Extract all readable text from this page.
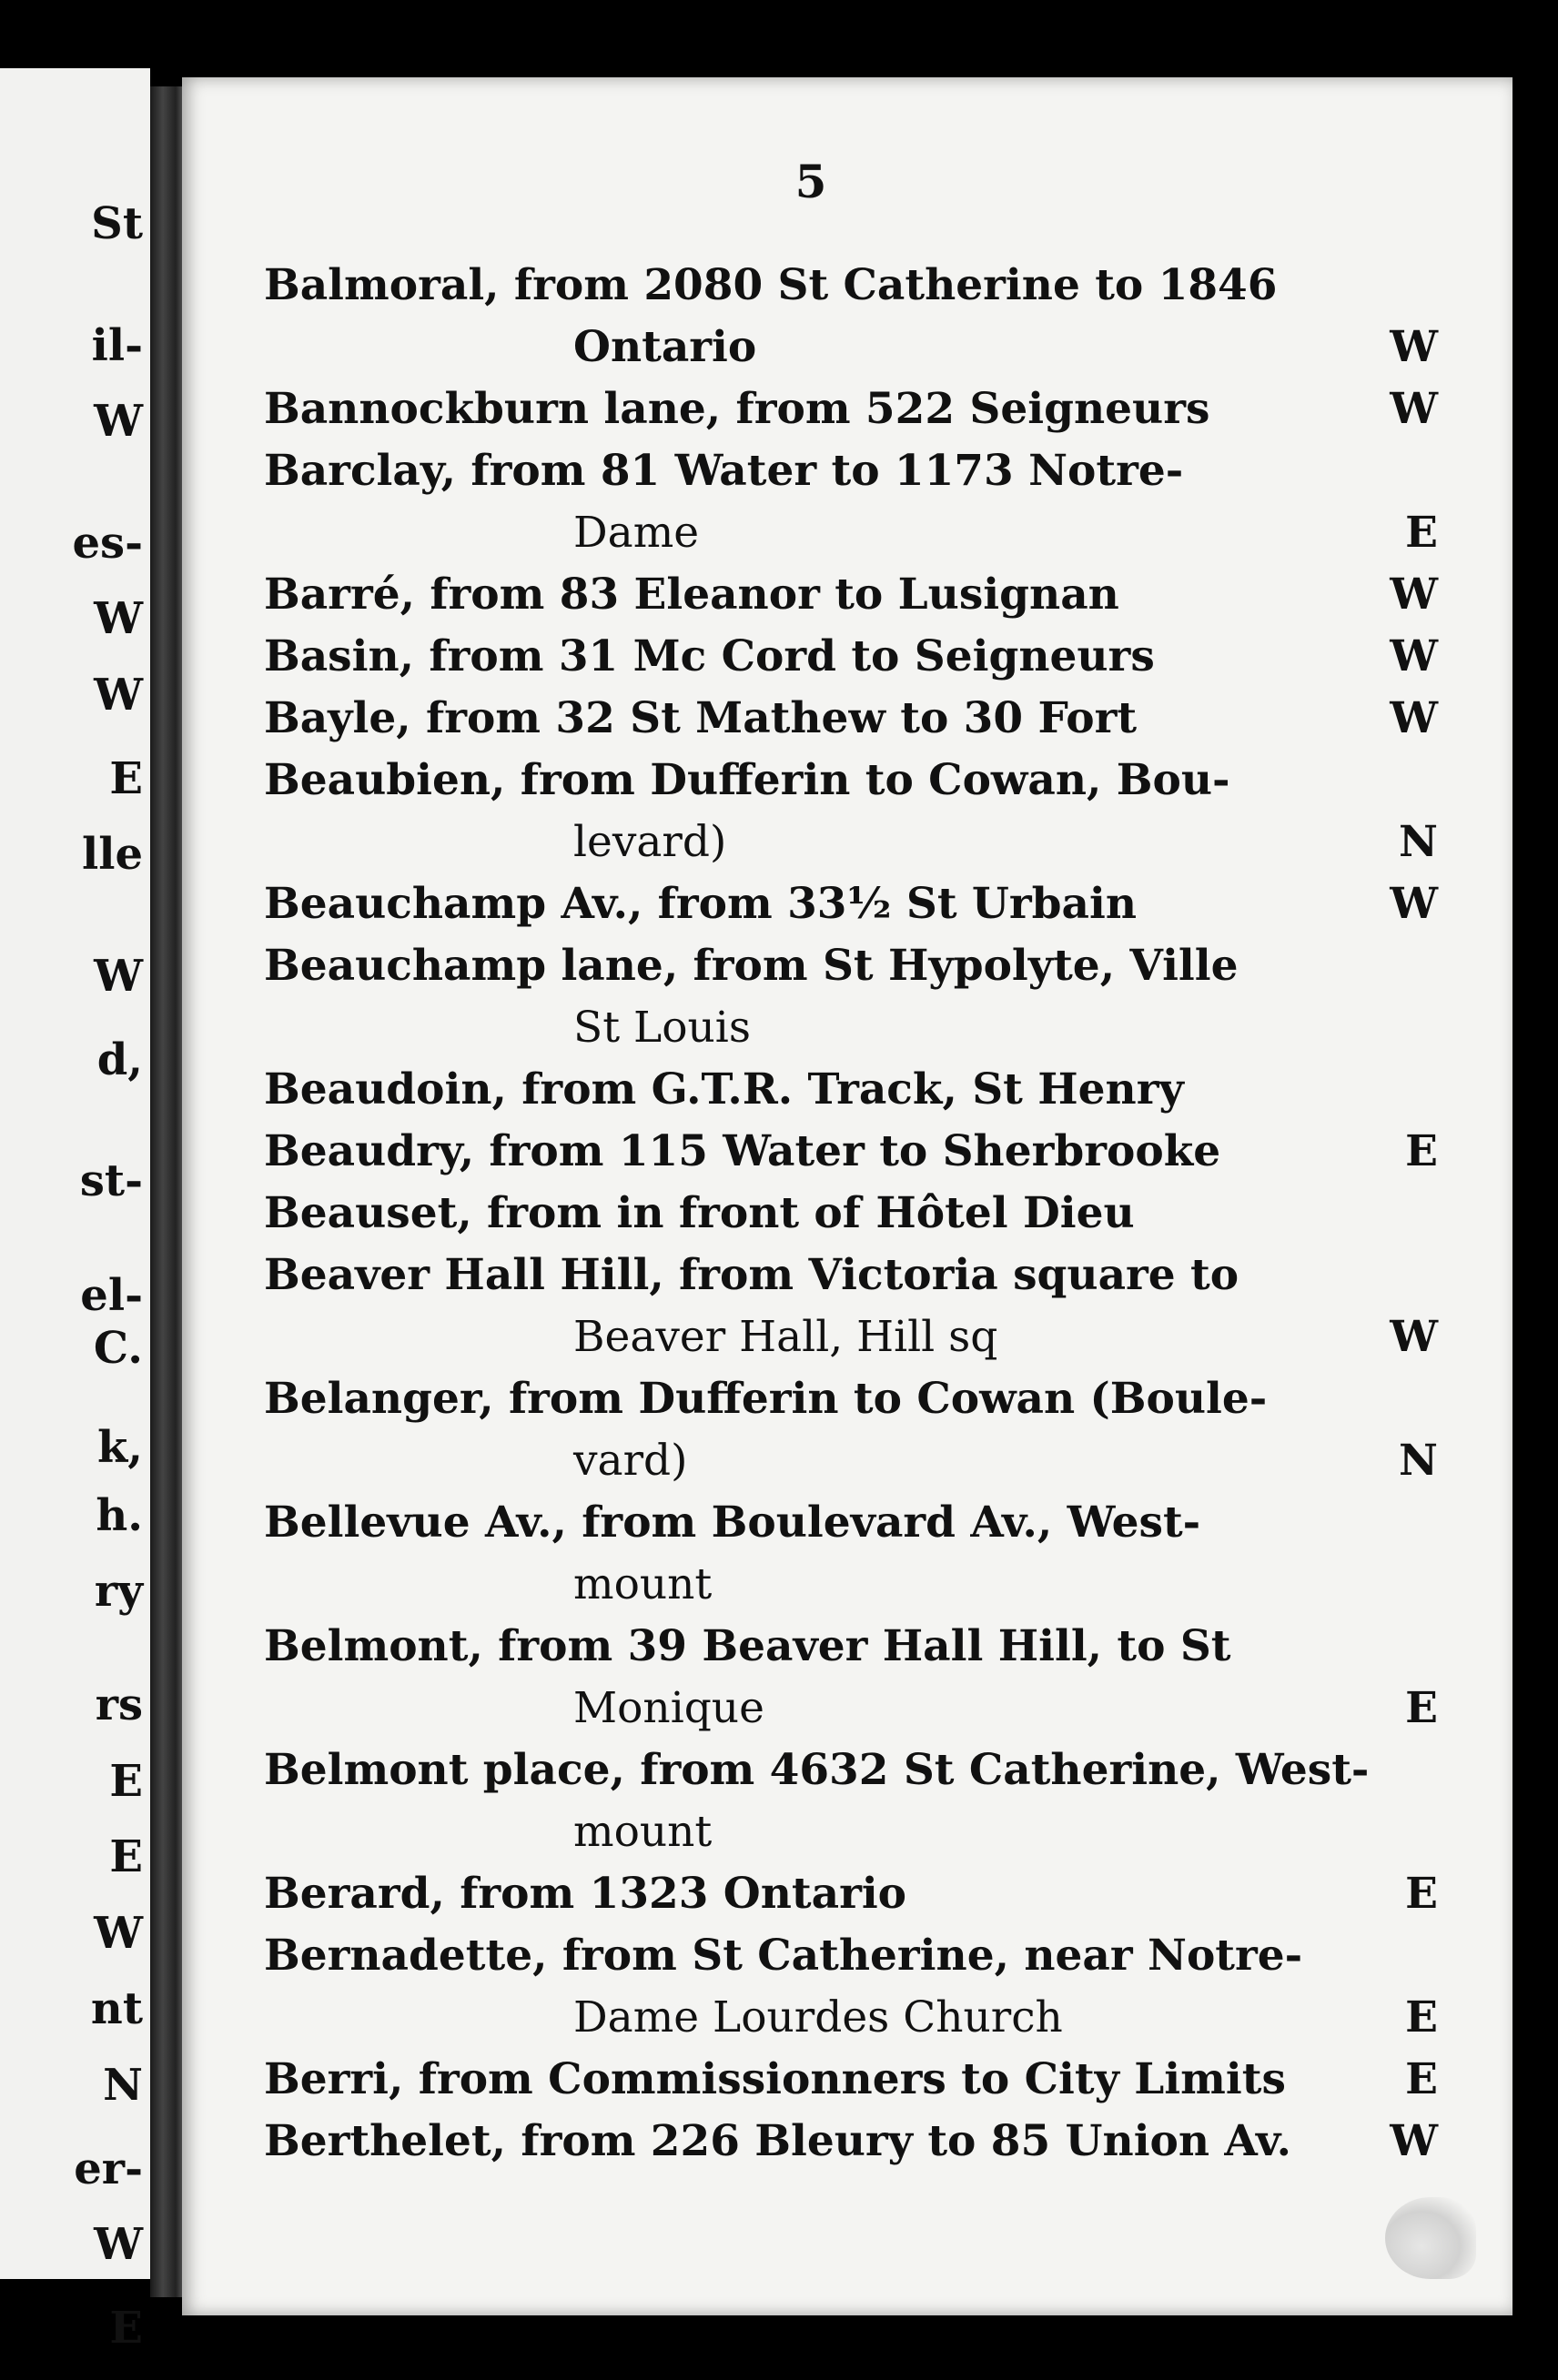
St
il-
W
es-
W
W
E
lle
W
d,
st-
el-
C.
k,
h.
ry
rs
E
E
W
nt
N
er-
W
E
5
Balmoral, from 2080 St Catherine to 1846
Ontario	W
Bannockburn lane, from 522 Seigneurs	W
Barclay, from 81 Water to 1173 Notre-
Dame	E
Barré, from 83 Eleanor to Lusignan	W
Basin, from 31 Mc Cord to Seigneurs	W
Bayle, from 32 St Mathew to 30 Fort	W
Beaubien, from Dufferin to Cowan, Bou-
levard)	N
Beauchamp Av., from 33½ St Urbain	W
Beauchamp lane, from St Hypolyte, Ville
St Louis
Beaudoin, from G.T.R. Track, St Henry
Beaudry, from 115 Water to Sherbrooke	E
Beauset, from in front of Hôtel Dieu
Beaver Hall Hill, from Victoria square to
Beaver Hall, Hill sq	W
Belanger, from Dufferin to Cowan (Boule-
vard)	N
Bellevue Av., from Boulevard Av., West-
mount
Belmont, from 39 Beaver Hall Hill, to St
Monique	E
Belmont place, from 4632 St Catherine, West-
mount
Berard, from 1323 Ontario	E
Bernadette, from St Catherine, near Notre-
Dame Lourdes Church	E
Berri, from Commissionners to City Limits	E
Berthelet, from 226 Bleury to 85 Union Av.	W
